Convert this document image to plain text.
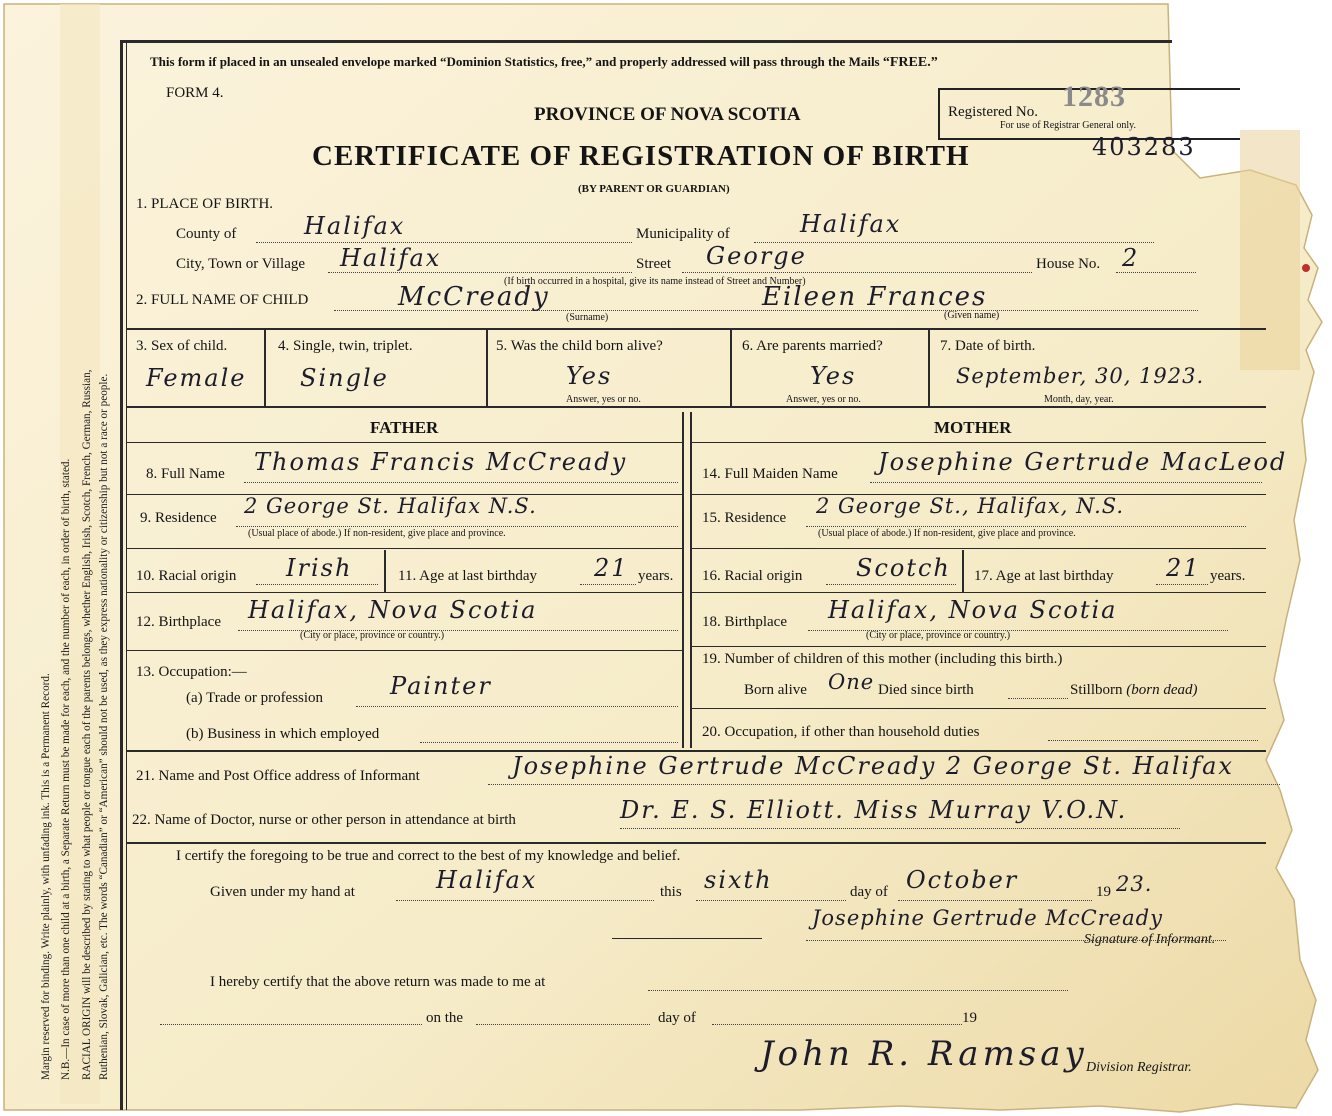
Margin reserved for binding. Write plainly, with unfading ink. This is a Permanent Record. N.B.—In case of more than one child at a birth, a Separate Return must be made for each, and the number of each, in order of birth, stated. RACIAL ORIGIN will be described by stating to what people or tongue each of the parents belongs, whether English, Irish, Scotch, French, German, Russian, Ruthenian, Slovak, Galician, etc. The words “Canadian” or “American” should not be used, as they express nationality or citizenship but not a race or people.
This form if placed in an unsealed envelope marked “Dominion Statistics, free,” and properly addressed will pass through the Mails “FREE.”
FORM 4.
PROVINCE OF NOVA SCOTIA
CERTIFICATE OF REGISTRATION OF BIRTH
(BY PARENT OR GUARDIAN)
Registered No.
For use of Registrar General only.
1283
403283
1. PLACE OF BIRTH.
County of	Halifax	Municipality of	Halifax
City, Town or Village Halifax	Street George	House No. 2
(If birth occurred in a hospital, give its name instead of Street and Number)
2. FULL NAME OF CHILD	McCready	Eileen Frances
(Surname)	(Given name)
3. Sex of child.
Female
4. Single, twin, triplet.
Single
5. Was the child born alive?
Yes
Answer, yes or no.
6. Are parents married?
Yes
Answer, yes or no.
7. Date of birth.
September, 30, 1923.
Month, day, year.
FATHER	MOTHER
8. Full Name Thomas Francis McCready
9. Residence 2 George St. Halifax N.S.
(Usual place of abode.) If non-resident, give place and province.
10. Racial origin Irish	11. Age at last birthday 21 years.
12. Birthplace Halifax, Nova Scotia
(City or place, province or country.)
13. Occupation:—
(a) Trade or profession	Painter
(b) Business in which employed
14. Full Maiden Name Josephine Gertrude MacLeod
15. Residence 2 George St., Halifax, N.S.
(Usual place of abode.) If non-resident, give place and province.
16. Racial origin Scotch 17. Age at last birthday 21 years.
18. Birthplace Halifax, Nova Scotia
(City or place, province or country.)
19. Number of children of this mother (including this birth.)
Born alive One Died since birth	Stillborn (born dead)
20. Occupation, if other than household duties
21. Name and Post Office address of Informant	Josephine Gertrude McCready 2 George St. Halifax
22. Name of Doctor, nurse or other person in attendance at birth	Dr. E. S. Elliott. Miss Murray V.O.N.
I certify the foregoing to be true and correct to the best of my knowledge and belief.
Given under my hand at	Halifax	this sixth	day of October	19 23.
Josephine Gertrude McCready
Signature of Informant.
I hereby certify that the above return was made to me at
on the	day of	19
John R. Ramsay
Division Registrar.
